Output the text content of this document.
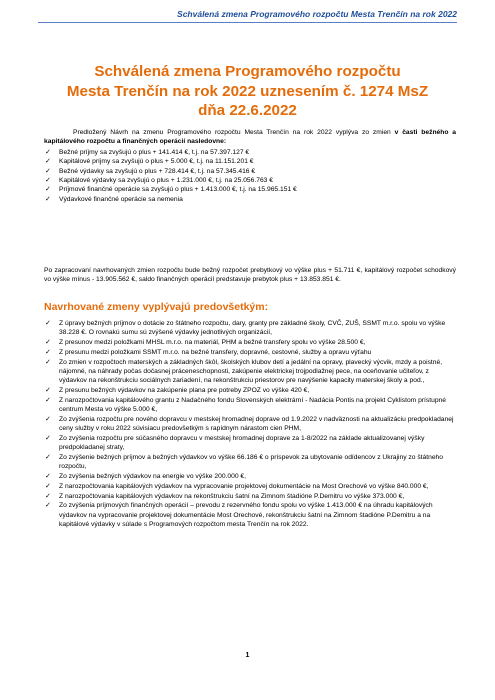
Schválená zmena Programového rozpočtu Mesta Trenčín na rok 2022
Schválená zmena Programového rozpočtu
Mesta Trenčín na rok 2022 uznesením č. 1274 MsZ
dňa 22.6.2022

Predložený Návrh na zmenu Programového rozpočtu Mesta Trenčín na rok 2022 vyplýva zo zmien v časti bežného a kapitálového rozpočtu a finančných operácií nasledovne:

✓ Bežné príjmy sa zvyšujú o plus + 141.414 €, t.j. na 57.397.127 €
✓ Kapitálové príjmy sa zvyšujú o plus + 5.000 €, t.j. na 11.151.201 €
✓ Bežné výdavky sa zvyšujú o plus + 728.414 €, t.j. na 57.345.416 €
✓ Kapitálové výdavky sa zvyšujú o plus + 1.231.000 €, t.j. na 25.056.763 €
✓ Príjmové finančné operácie sa zvyšujú o plus + 1.413.000 €, t.j. na 15.965.151 €
✓ Výdavkové finančné operácie sa nemenia

Po zapracovaní navrhovaných zmien rozpočtu bude bežný rozpočet prebytkový vo výške plus + 51.711 €, kapitálový rozpočet schodkový vo výške mínus - 13.905.562 €, saldo finančných operácií predstavuje prebytok plus + 13.853.851 €.

Navrhované zmeny vyplývajú predovšetkým:
✓ Z úpravy bežných príjmov o dotácie zo štátneho rozpočtu, dary, granty pre základné školy, CVČ, ZUŠ, SSMT m.r.o. spolu vo výške 38.228 €. O rovnakú sumu sú zvýšené výdavky jednotlivých organizácií,
✓ Z presunov medzi položkami MHSL m.r.o. na materiál, PHM a bežné transfery spolu vo výške 28.500 €,
✓ Z presunu medzi položkami SSMT m.r.o. na bežné transfery, dopravné, cestovné, služby a opravu výťahu
✓ Zo zmien v rozpočtoch materských a základných škôl, školských klubov detí a jedální na opravy, plavecký výcvik, mzdy a poistné, nájomné, na náhrady počas dočasnej práceneschopnosti, zakúpenie elektrickej trojpodlažnej pece, na oceňovanie učiteľov, z výdavkov na rekonštrukciu sociálnych zariadení, na rekonštrukciu priestorov pre navýšenie kapacity materskej školy a pod.,
✓ Z presunu bežných výdavkov na zakúpenie plana pre potreby ZPOZ vo výške 420 €,
✓ Z narozpočtovania kapitálového grantu z Nadačného fondu Slovenských elektrární - Nadácia Pontis na projekt Cyklistom prístupné centrum Mesta vo výške 5.000 €,
✓ Zo zvýšenia rozpočtu pre nového dopravcu v mestskej hromadnej doprave od 1.9.2022 v nadväznosti na aktualizáciu predpokladanej ceny služby v roku 2022 súvisiacu predovšetkým s rapídnym nárastom cien PHM,
✓ Zo zvýšenia rozpočtu pre súčasného dopravcu v mestskej hromadnej doprave za 1-8/2022 na základe aktualizovanej výšky predpokladanej straty,
✓ Zo zvýšenie bežných príjmov a bežných výdavkov vo výške 66.186 € o príspevok za ubytovanie odídencov z Ukrajiny zo štátneho rozpočtu,
✓ Zo zvýšenia bežných výdavkov na energie vo výške 200.000 €,
✓ Z narozpočtovania kapitálových výdavkov na vypracovanie projektovej dokumentácie na Most Orechové vo výške 840.000 €,
✓ Z narozpočtovania kapitálových výdavkov na rekonštrukciu šatní na Zimnom štadióne P.Demitru vo výške 373.000 €,
✓ Zo zvýšenia príjmových finančných operácií – prevodu z rezervného fondu spolu vo výške 1.413.000 € na úhradu kapitálových výdavkov na vypracovanie projektovej dokumentácie Most Orechové, rekonštrukciu šatní na Zimnom štadióne P.Demitru a na kapitálové výdavky v súlade s Programových rozpočtom mesta Trenčín na rok 2022.
1
